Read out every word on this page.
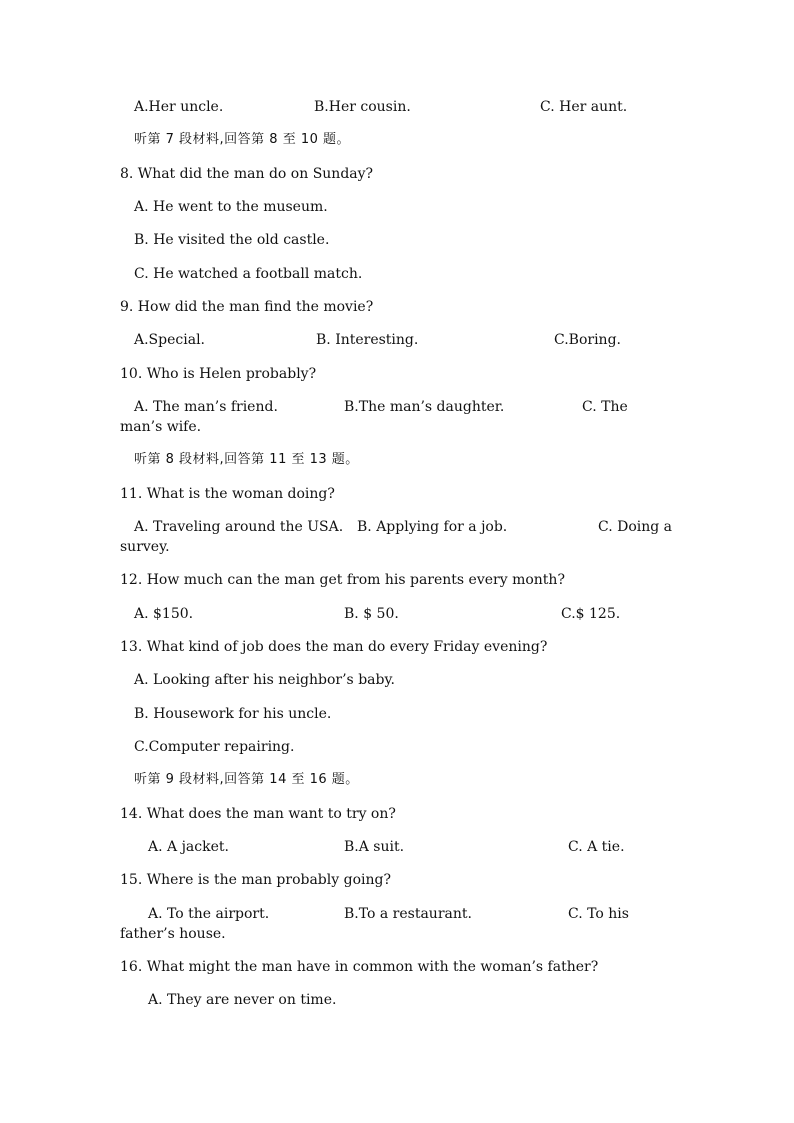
A.Her uncle.	B.Her cousin.	C. Her aunt.
听第 7 段材料,回答第 8 至 10 题。
8. What did the man do on Sunday?
A. He went to the museum.
B. He visited the old castle.
C. He watched a football match.
9. How did the man find the movie?
A.Special.	B. Interesting.	C.Boring.
10. Who is Helen probably?
A. The man’s friend.	B.The man’s daughter.	C. The
man’s wife.
听第 8 段材料,回答第 11 至 13 题。
11. What is the woman doing?
A. Traveling around the USA. B. Applying for a job.	C. Doing a
survey.
12. How much can the man get from his parents every month?
A. $150.	B. $ 50.	C.$ 125.
13. What kind of job does the man do every Friday evening?
A. Looking after his neighbor’s baby.
B. Housework for his uncle.
C.Computer repairing.
听第 9 段材料,回答第 14 至 16 题。
14. What does the man want to try on?
A. A jacket.	B.A suit.	C. A tie.
15. Where is the man probably going?
A. To the airport.	B.To a restaurant.	C. To his
father’s house.
16. What might the man have in common with the woman’s father?
A. They are never on time.
